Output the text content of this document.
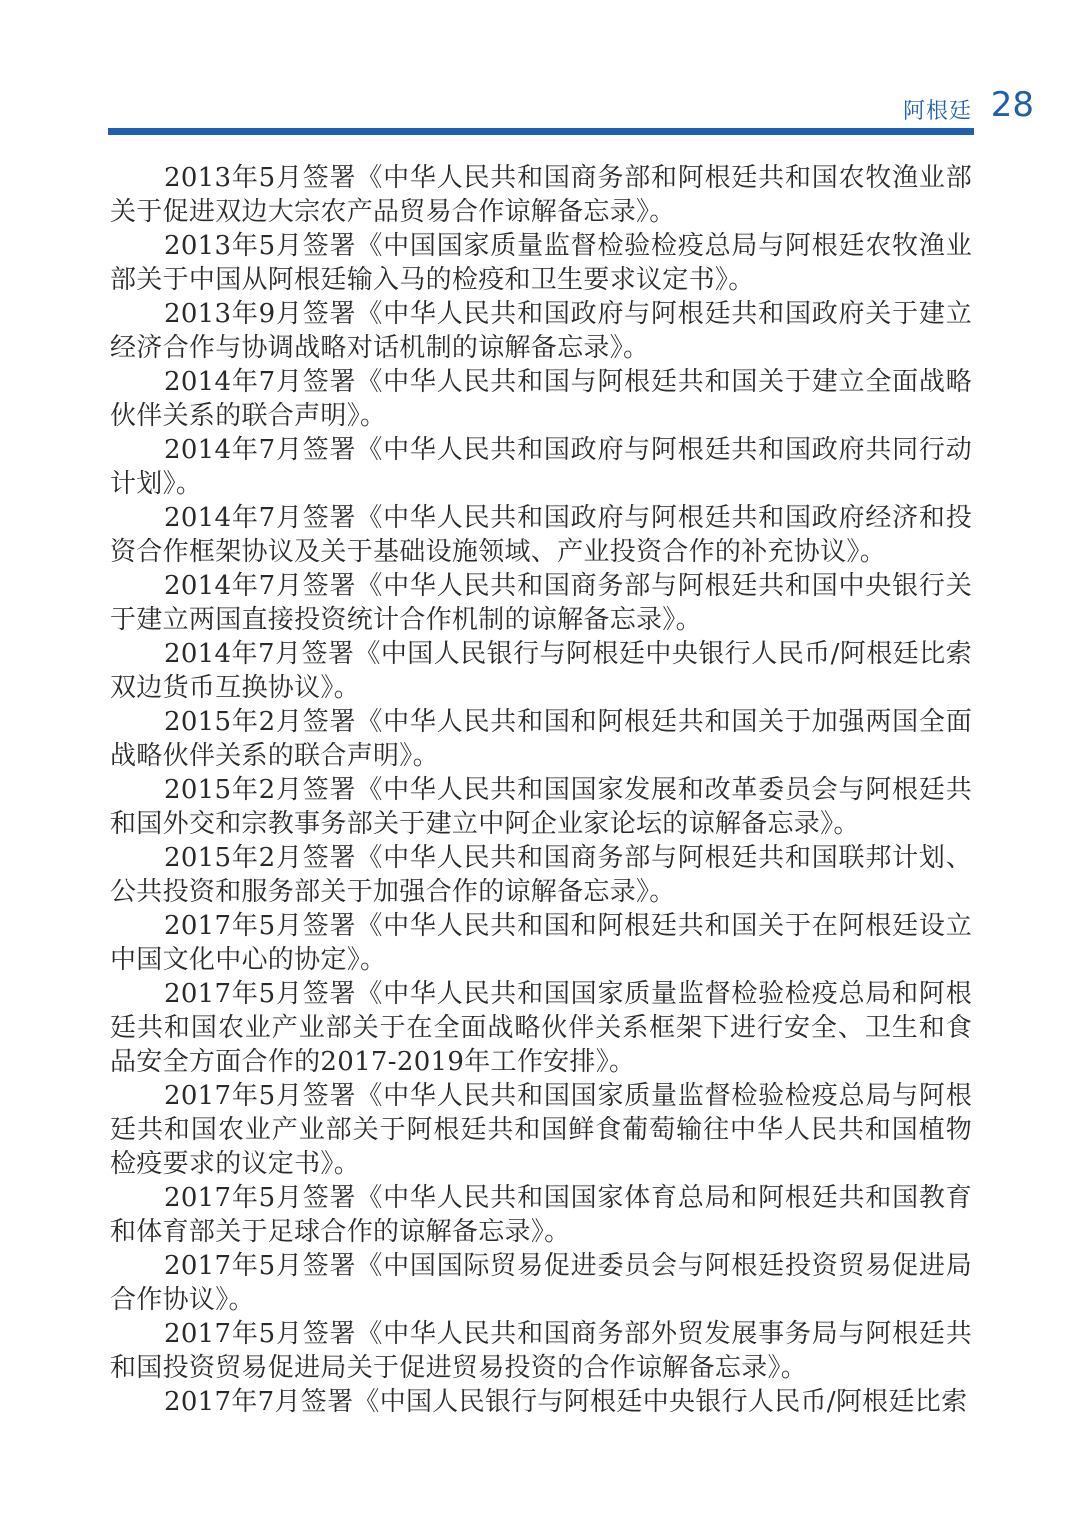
阿根廷 28

2013年5月签署《中华人民共和国商务部和阿根廷共和国农牧渔业部关于促进双边大宗农产品贸易合作谅解备忘录》。

2013年5月签署《中国国家质量监督检验检疫总局与阿根廷农牧渔业部关于中国从阿根廷输入马的检疫和卫生要求议定书》。

2013年9月签署《中华人民共和国政府与阿根廷共和国政府关于建立经济合作与协调战略对话机制的谅解备忘录》。

2014年7月签署《中华人民共和国与阿根廷共和国关于建立全面战略伙伴关系的联合声明》。

2014年7月签署《中华人民共和国政府与阿根廷共和国政府共同行动计划》。

2014年7月签署《中华人民共和国政府与阿根廷共和国政府经济和投资合作框架协议及关于基础设施领域、产业投资合作的补充协议》。

2014年7月签署《中华人民共和国商务部与阿根廷共和国中央银行关于建立两国直接投资统计合作机制的谅解备忘录》。

2014年7月签署《中国人民银行与阿根廷中央银行人民币/阿根廷比索双边货币互换协议》。

2015年2月签署《中华人民共和国和阿根廷共和国关于加强两国全面战略伙伴关系的联合声明》。

2015年2月签署《中华人民共和国国家发展和改革委员会与阿根廷共和国外交和宗教事务部关于建立中阿企业家论坛的谅解备忘录》。

2015年2月签署《中华人民共和国商务部与阿根廷共和国联邦计划、公共投资和服务部关于加强合作的谅解备忘录》。

2017年5月签署《中华人民共和国和阿根廷共和国关于在阿根廷设立中国文化中心的协定》。

2017年5月签署《中华人民共和国国家质量监督检验检疫总局和阿根廷共和国农业产业部关于在全面战略伙伴关系框架下进行安全、卫生和食品安全方面合作的2017-2019年工作安排》。

2017年5月签署《中华人民共和国国家质量监督检验检疫总局与阿根廷共和国农业产业部关于阿根廷共和国鲜食葡萄输往中华人民共和国植物检疫要求的议定书》。

2017年5月签署《中华人民共和国国家体育总局和阿根廷共和国教育和体育部关于足球合作的谅解备忘录》。

2017年5月签署《中国国际贸易促进委员会与阿根廷投资贸易促进局合作协议》。

2017年5月签署《中华人民共和国商务部外贸发展事务局与阿根廷共和国投资贸易促进局关于促进贸易投资的合作谅解备忘录》。

2017年7月签署《中国人民银行与阿根廷中央银行人民币/阿根廷比索
